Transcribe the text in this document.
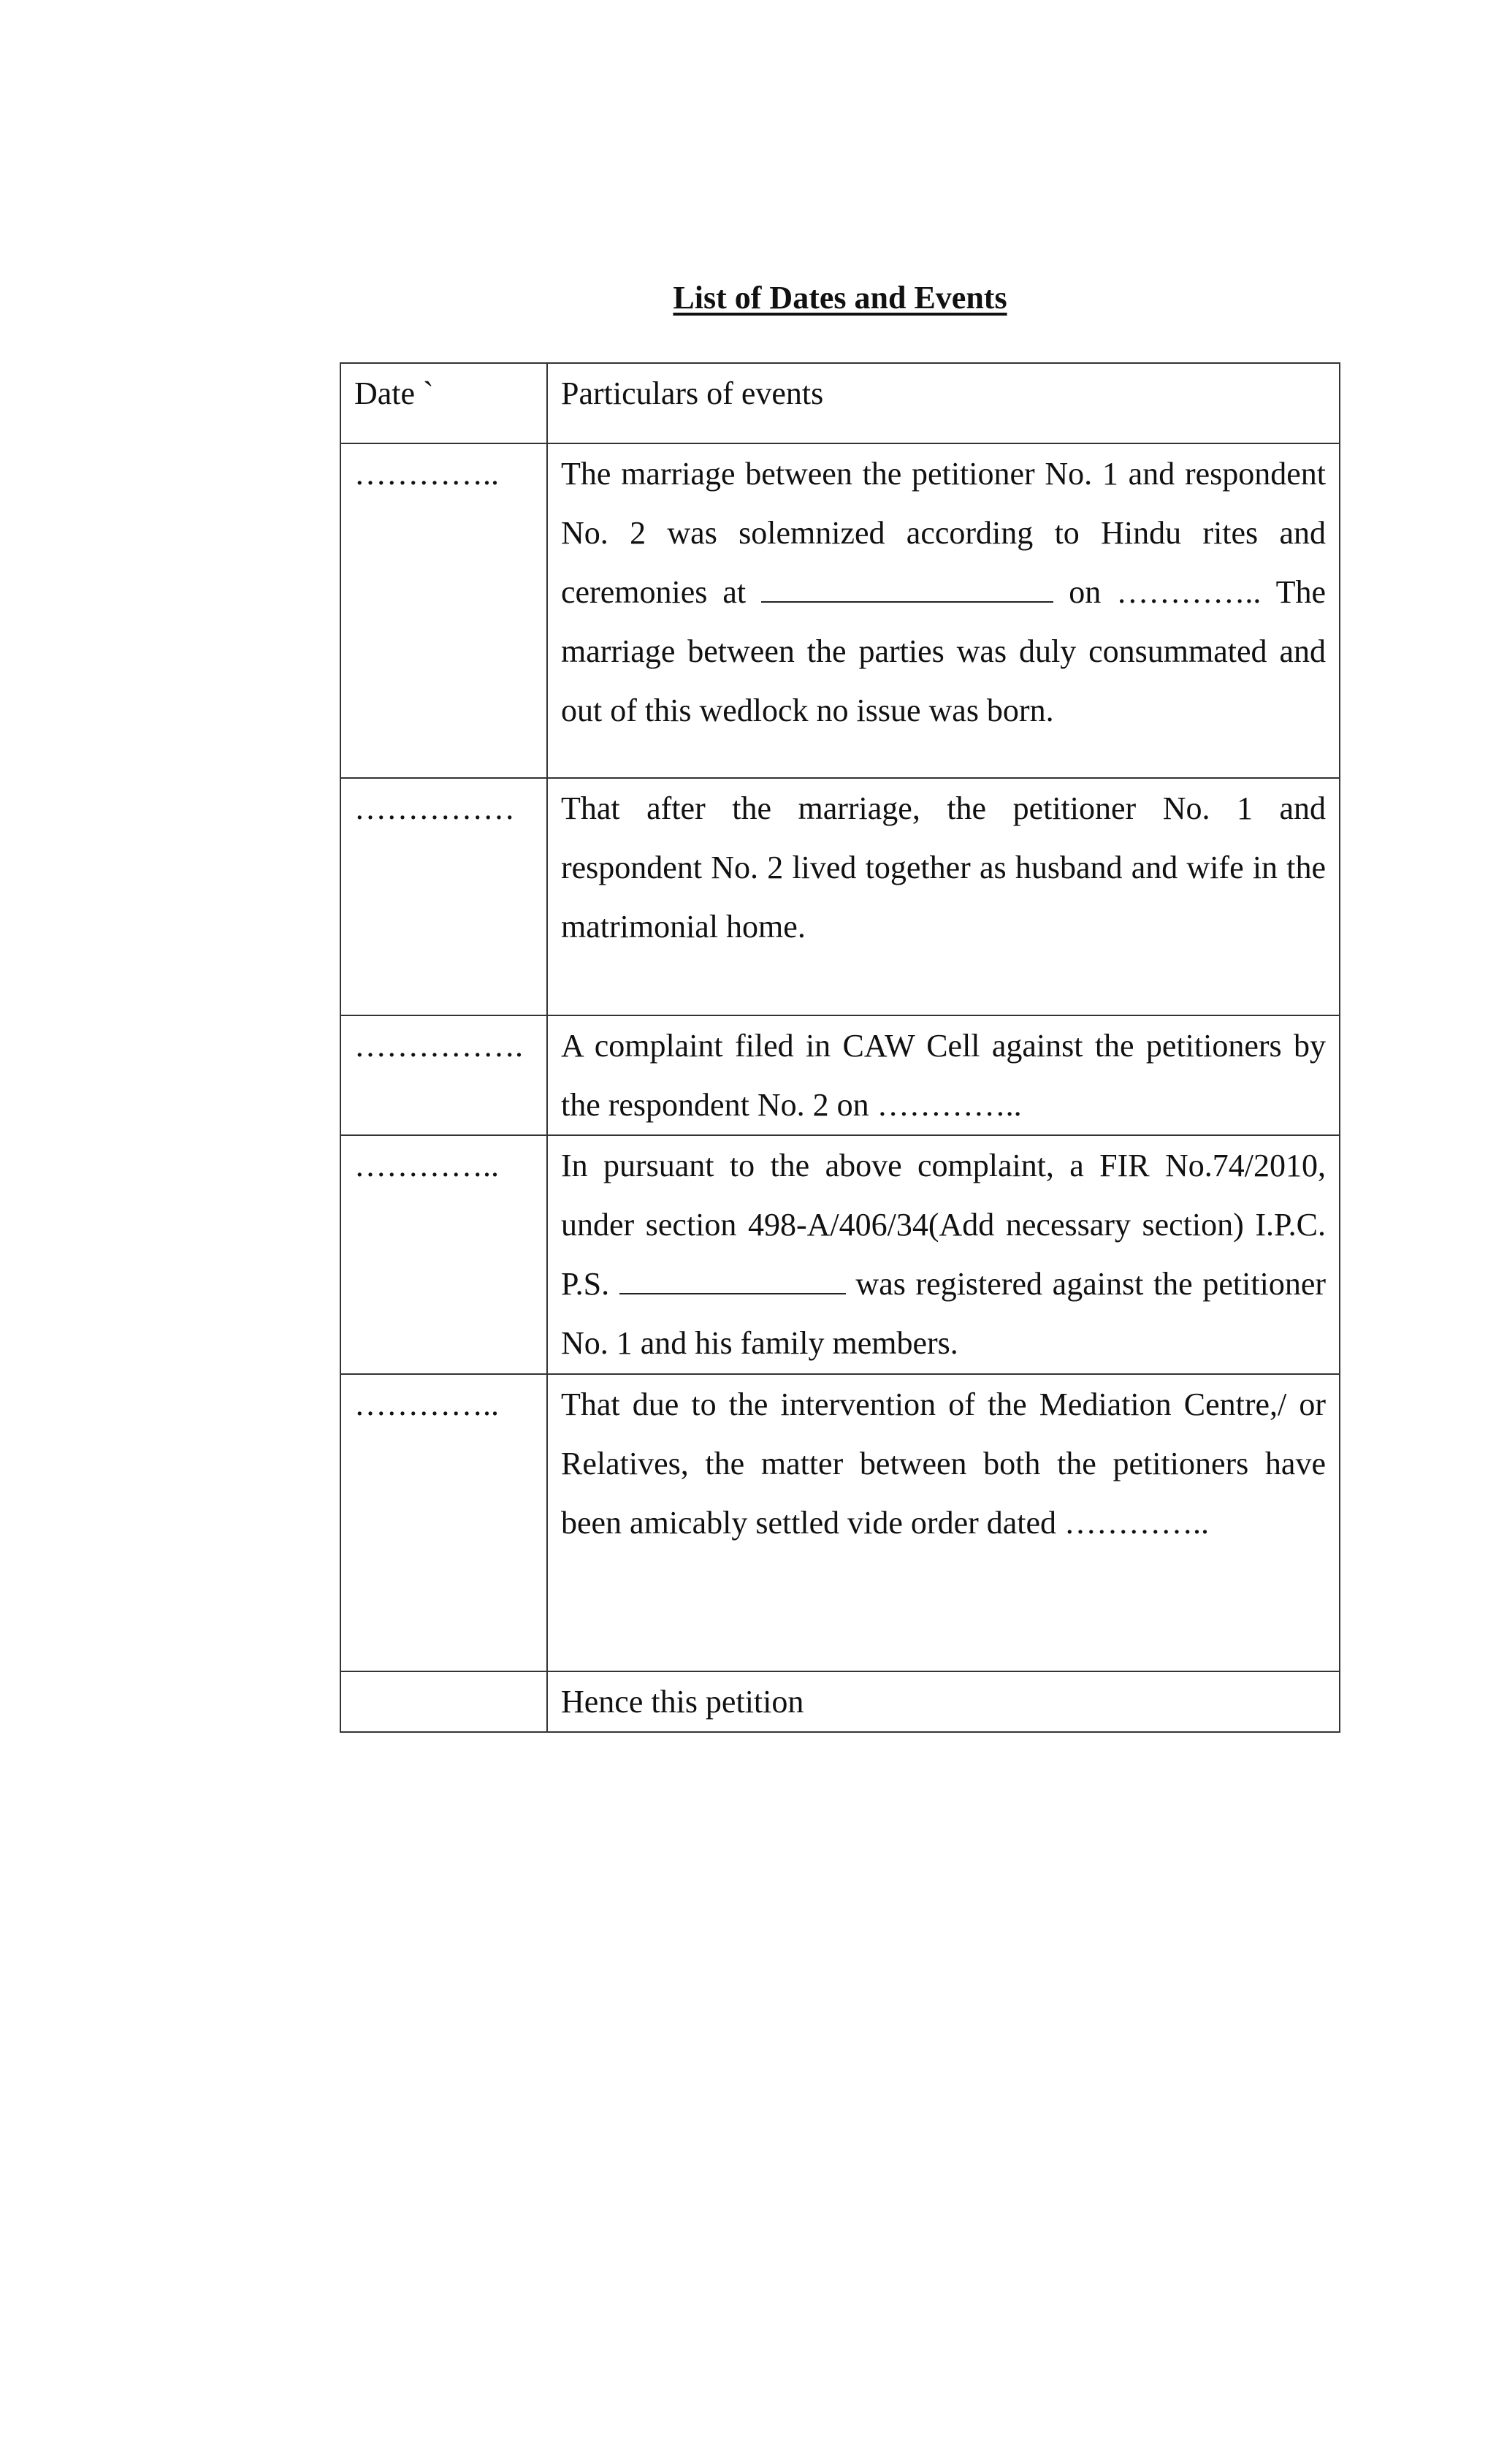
List of Dates and Events
Date `	Particulars of events
…………..	The marriage between the petitioner No. 1 and respondent No. 2 was solemnized according to Hindu rites and ceremonies at on ………….. The marriage between the parties was duly consummated and out of this wedlock no issue was born.

……………	That after the marriage, the petitioner No. 1 and respondent No. 2 lived together as husband and wife in the matrimonial home.

…………….	A complaint filed in CAW Cell against the petitioners by the respondent No. 2 on …………..
…………..	In pursuant to the above complaint, a FIR No.74/2010, under section 498-A/406/34(Add necessary section) I.P.C. P.S. was registered against the petitioner No. 1 and his family members.
…………..	That due to the intervention of the Mediation Centre,/ or Relatives, the matter between both the petitioners have been amicably settled vide order dated …………..

	Hence this petition
